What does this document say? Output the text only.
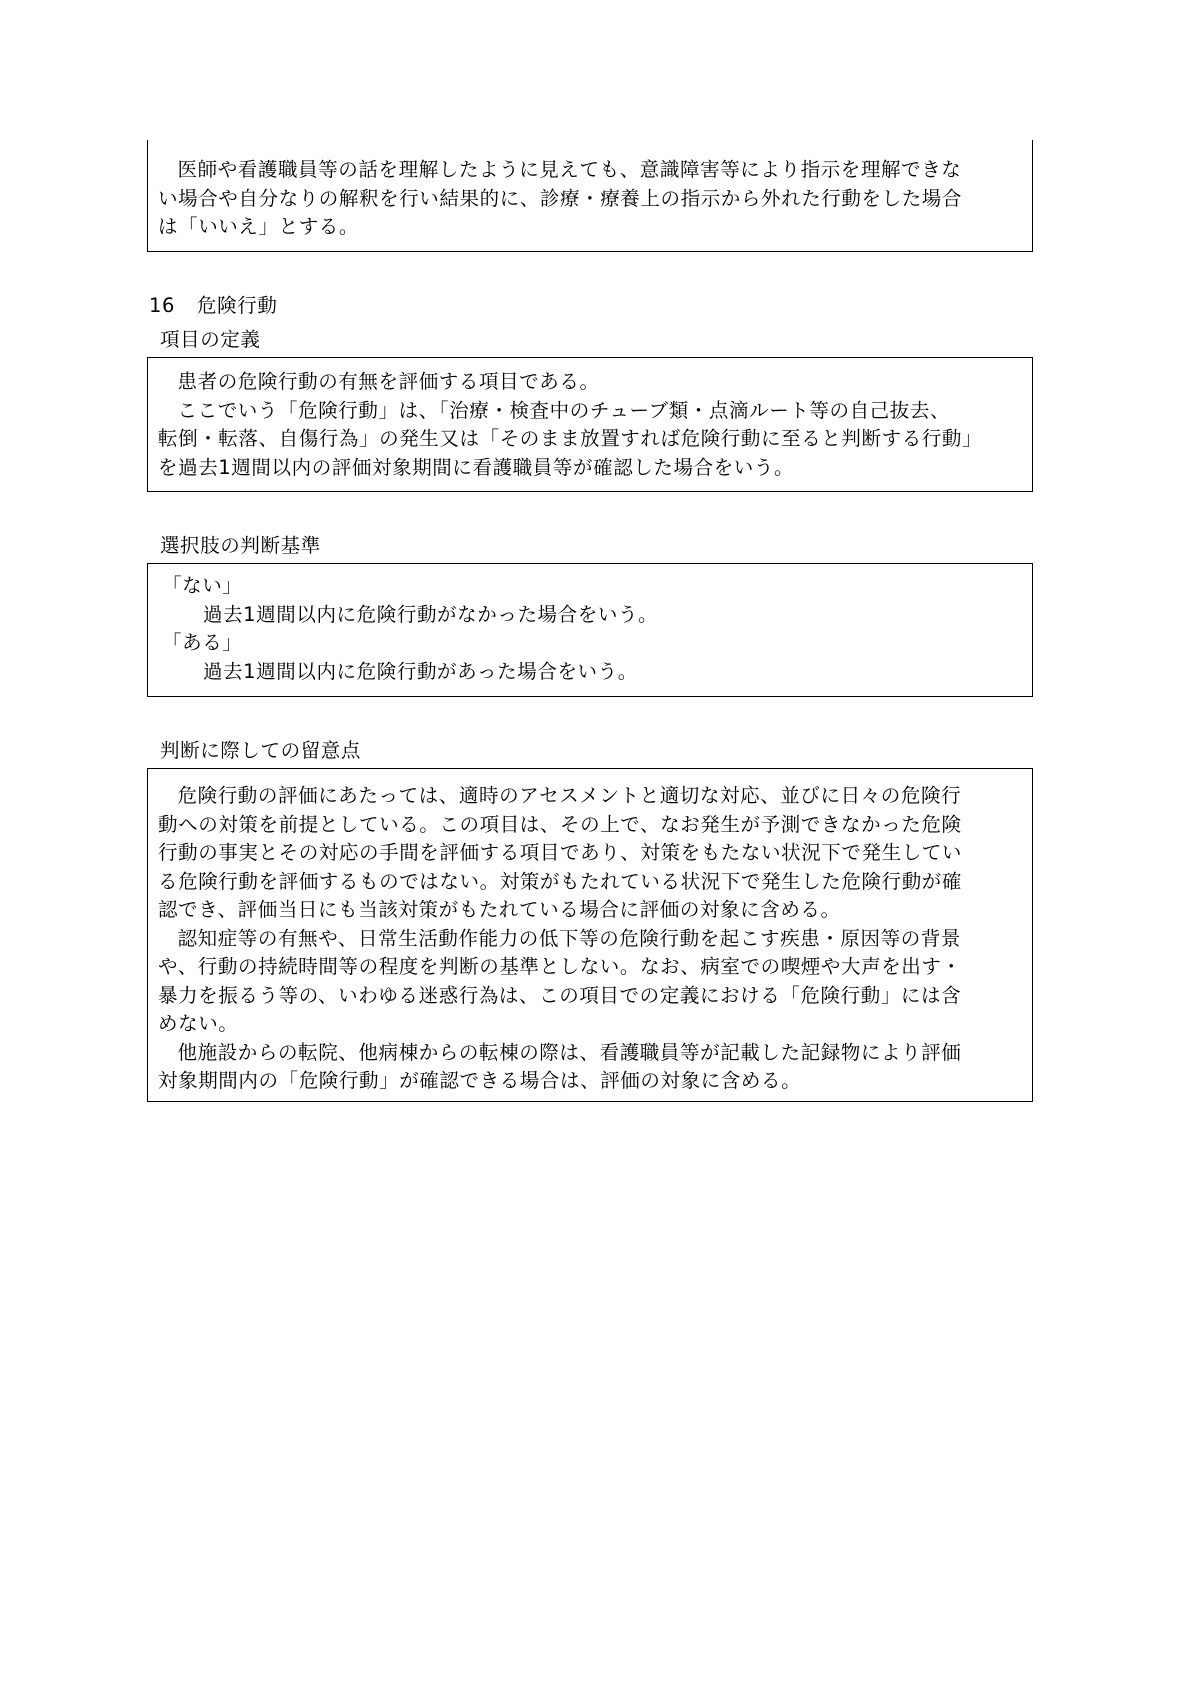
医師や看護職員等の話を理解したように見えても、意識障害等により指示を理解できな

い場合や自分なりの解釈を行い結果的に、診療・療養上の指示から外れた行動をした場合

は「いいえ」とする。

16 危険行動
項目の定義

患者の危険行動の有無を評価する項目である。

ここでいう「危険行動」は、「治療・検査中のチューブ類・点滴ルート等の自己抜去、

転倒・転落、自傷行為」の発生又は「そのまま放置すれば危険行動に至ると判断する行動」

を過去1週間以内の評価対象期間に看護職員等が確認した場合をいう。

選択肢の判断基準
「ない」
過去1週間以内に危険行動がなかった場合をいう。
「ある」
過去1週間以内に危険行動があった場合をいう。
判断に際しての留意点

危険行動の評価にあたっては、適時のアセスメントと適切な対応、並びに日々の危険行

動への対策を前提としている。この項目は、その上で、なお発生が予測できなかった危険

行動の事実とその対応の手間を評価する項目であり、対策をもたない状況下で発生してい

る危険行動を評価するものではない。対策がもたれている状況下で発生した危険行動が確

認でき、評価当日にも当該対策がもたれている場合に評価の対象に含める。

認知症等の有無や、日常生活動作能力の低下等の危険行動を起こす疾患・原因等の背景

や、行動の持続時間等の程度を判断の基準としない。なお、病室での喫煙や大声を出す・

暴力を振るう等の、いわゆる迷惑行為は、この項目での定義における「危険行動」には含

めない。

他施設からの転院、他病棟からの転棟の際は、看護職員等が記載した記録物により評価

対象期間内の「危険行動」が確認できる場合は、評価の対象に含める。
